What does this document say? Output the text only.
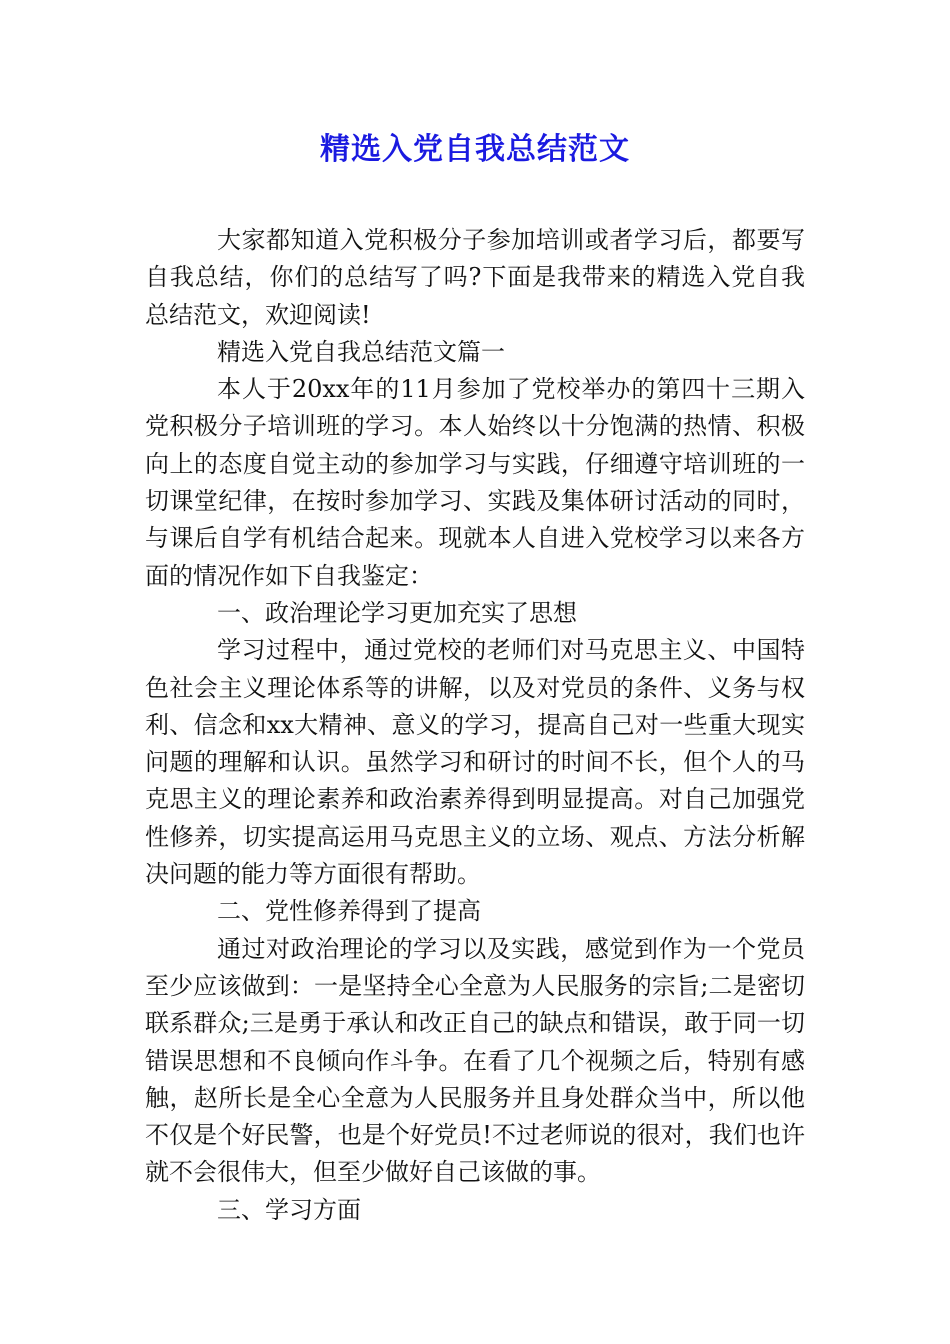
精选入党自我总结范文

大家都知道入党积极分子参加培训或者学习后，都要写自我总结，你们的总结写了吗?下面是我带来的精选入党自我总结范文，欢迎阅读!

精选入党自我总结范文篇一

本人于20xx年的11月参加了党校举办的第四十三期入党积极分子培训班的学习。本人始终以十分饱满的热情、积极向上的态度自觉主动的参加学习与实践，仔细遵守培训班的一切课堂纪律，在按时参加学习、实践及集体研讨活动的同时，与课后自学有机结合起来。现就本人自进入党校学习以来各方面的情况作如下自我鉴定：

一、政治理论学习更加充实了思想

学习过程中，通过党校的老师们对马克思主义、中国特色社会主义理论体系等的讲解，以及对党员的条件、义务与权利、信念和xx大精神、意义的学习，提高自己对一些重大现实问题的理解和认识。虽然学习和研讨的时间不长，但个人的马克思主义的理论素养和政治素养得到明显提高。对自己加强党性修养，切实提高运用马克思主义的立场、观点、方法分析解决问题的能力等方面很有帮助。

二、党性修养得到了提高

通过对政治理论的学习以及实践，感觉到作为一个党员至少应该做到：一是坚持全心全意为人民服务的宗旨;二是密切联系群众;三是勇于承认和改正自己的缺点和错误，敢于同一切错误思想和不良倾向作斗争。在看了几个视频之后，特别有感触，赵所长是全心全意为人民服务并且身处群众当中，所以他不仅是个好民警，也是个好党员!不过老师说的很对，我们也许就不会很伟大，但至少做好自己该做的事。

三、学习方面
